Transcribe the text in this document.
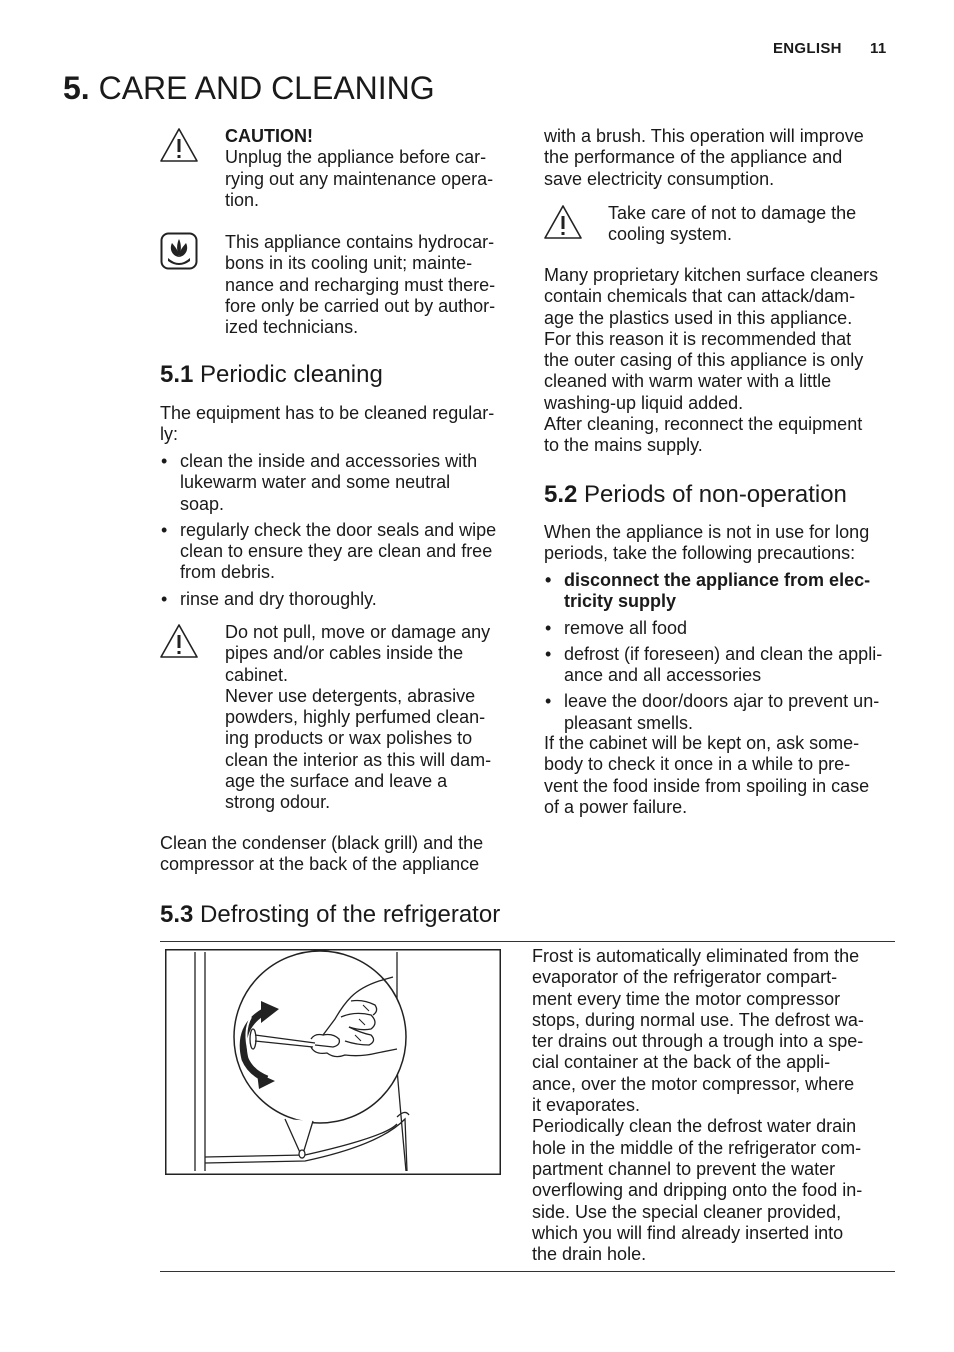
ENGLISH 11
5. CARE AND CLEANING
CAUTION!
Unplug the appliance before car-
rying out any maintenance opera-
tion.
This appliance contains hydrocar-
bons in its cooling unit; mainte-
nance and recharging must there-
fore only be carried out by author-
ized technicians.
5.1 Periodic cleaning
The equipment has to be cleaned regular-
ly:
• clean the inside and accessories with
lukewarm water and some neutral
soap.
• regularly check the door seals and wipe
clean to ensure they are clean and free
from debris.
• rinse and dry thoroughly.
Do not pull, move or damage any
pipes and/or cables inside the
cabinet.
Never use detergents, abrasive
powders, highly perfumed clean-
ing products or wax polishes to
clean the interior as this will dam-
age the surface and leave a
strong odour.
Clean the condenser (black grill) and the
compressor at the back of the appliance
with a brush. This operation will improve
the performance of the appliance and
save electricity consumption.
Take care of not to damage the
cooling system.
Many proprietary kitchen surface cleaners
contain chemicals that can attack/dam-
age the plastics used in this appliance.
For this reason it is recommended that
the outer casing of this appliance is only
cleaned with warm water with a little
washing-up liquid added.
After cleaning, reconnect the equipment
to the mains supply.
5.2 Periods of non-operation
When the appliance is not in use for long
periods, take the following precautions:
• disconnect the appliance from elec-
tricity supply
• remove all food
• defrost (if foreseen) and clean the appli-
ance and all accessories
• leave the door/doors ajar to prevent un-
pleasant smells.
If the cabinet will be kept on, ask some-
body to check it once in a while to pre-
vent the food inside from spoiling in case
of a power failure.
5.3 Defrosting of the refrigerator
Frost is automatically eliminated from the
evaporator of the refrigerator compart-
ment every time the motor compressor
stops, during normal use. The defrost wa-
ter drains out through a trough into a spe-
cial container at the back of the appli-
ance, over the motor compressor, where
it evaporates.
Periodically clean the defrost water drain
hole in the middle of the refrigerator com-
partment channel to prevent the water
overflowing and dripping onto the food in-
side. Use the special cleaner provided,
which you will find already inserted into
the drain hole.
